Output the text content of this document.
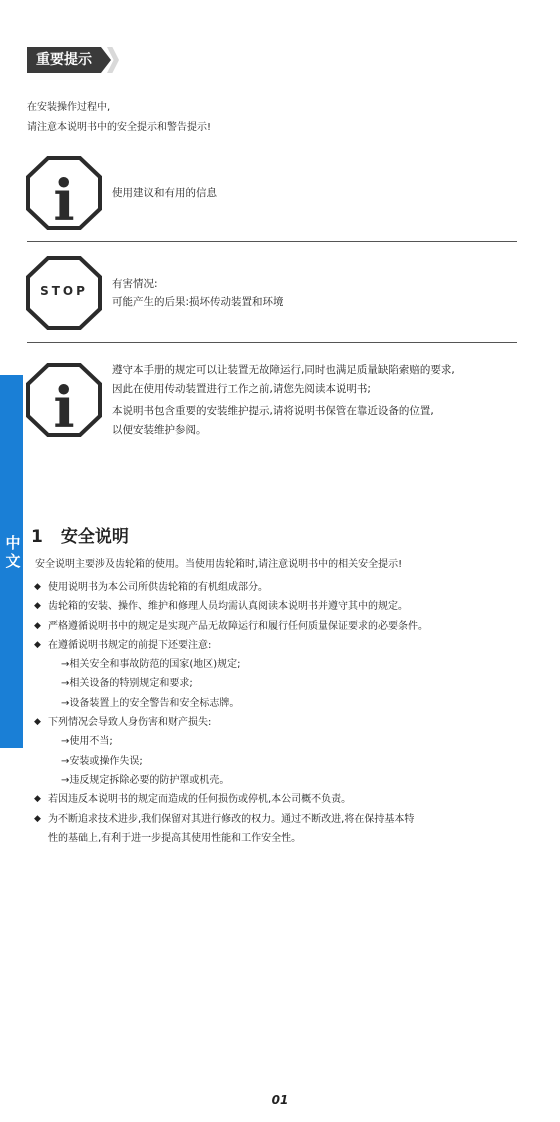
重要提示
在安装操作过程中,
请注意本说明书中的安全提示和警告提示!
i	使用建议和有用的信息
STOP	有害情况:
可能产生的后果:损坏传动装置和环境
中
文
i
遵守本手册的规定可以让装置无故障运行,同时也满足质量缺陷索赔的要求,
因此在使用传动装置进行工作之前,请您先阅读本说明书;
本说明书包含重要的安装维护提示,请将说明书保管在靠近设备的位置,
以便安装维护参阅。
1 安全说明
安全说明主要涉及齿轮箱的使用。当使用齿轮箱时,请注意说明书中的相关安全提示!
◆ 使用说明书为本公司所供齿轮箱的有机组成部分。
◆ 齿轮箱的安装、操作、维护和修理人员均需认真阅读本说明书并遵守其中的规定。
◆ 严格遵循说明书中的规定是实现产品无故障运行和履行任何质量保证要求的必要条件。
◆ 在遵循说明书规定的前提下还要注意:
→相关安全和事故防范的国家(地区)规定;
→相关设备的特别规定和要求;
→设备装置上的安全警告和安全标志牌。
◆ 下列情况会导致人身伤害和财产损失:
→使用不当;
→安装或操作失误;
→违反规定拆除必要的防护罩或机壳。
◆ 若因违反本说明书的规定而造成的任何损伤或停机,本公司概不负责。
◆ 为不断追求技术进步,我们保留对其进行修改的权力。通过不断改进,将在保持基本特
性的基础上,有利于进一步提高其使用性能和工作安全性。
01
